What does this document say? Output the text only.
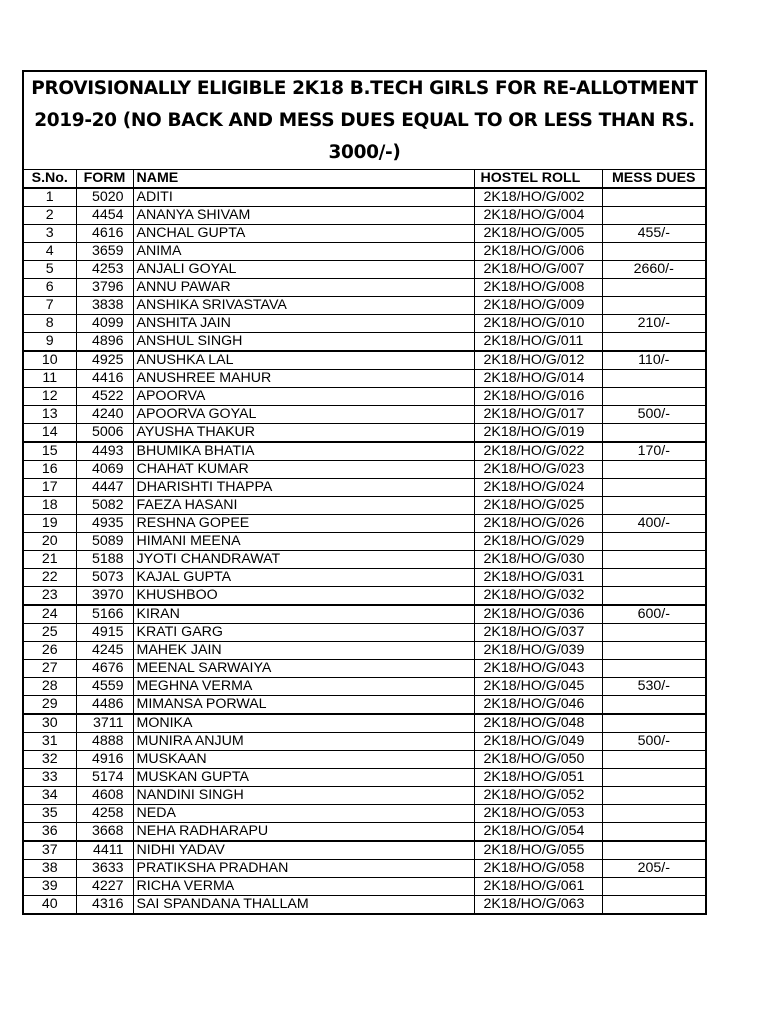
PROVISIONALLY ELIGIBLE 2K18 B.TECH GIRLS FOR RE-ALLOTMENT 2019-20 (NO BACK AND MESS DUES EQUAL TO OR LESS THAN RS. 3000/-)
S.No.	FORM	NAME	HOSTEL ROLL	MESS DUES
1	5020	ADITI	2K18/HO/G/002	
2	4454	ANANYA SHIVAM	2K18/HO/G/004	
3	4616	ANCHAL GUPTA	2K18/HO/G/005	455/-
4	3659	ANIMA	2K18/HO/G/006	
5	4253	ANJALI GOYAL	2K18/HO/G/007	2660/-
6	3796	ANNU PAWAR	2K18/HO/G/008	
7	3838	ANSHIKA SRIVASTAVA	2K18/HO/G/009	
8	4099	ANSHITA JAIN	2K18/HO/G/010	210/-
9	4896	ANSHUL SINGH	2K18/HO/G/011	
10	4925	ANUSHKA LAL	2K18/HO/G/012	110/-
11	4416	ANUSHREE MAHUR	2K18/HO/G/014	
12	4522	APOORVA	2K18/HO/G/016	
13	4240	APOORVA GOYAL	2K18/HO/G/017	500/-
14	5006	AYUSHA THAKUR	2K18/HO/G/019	
15	4493	BHUMIKA BHATIA	2K18/HO/G/022	170/-
16	4069	CHAHAT KUMAR	2K18/HO/G/023	
17	4447	DHARISHTI THAPPA	2K18/HO/G/024	
18	5082	FAEZA HASANI	2K18/HO/G/025	
19	4935	RESHNA GOPEE	2K18/HO/G/026	400/-
20	5089	HIMANI MEENA	2K18/HO/G/029	
21	5188	JYOTI CHANDRAWAT	2K18/HO/G/030	
22	5073	KAJAL GUPTA	2K18/HO/G/031	
23	3970	KHUSHBOO	2K18/HO/G/032	
24	5166	KIRAN	2K18/HO/G/036	600/-
25	4915	KRATI GARG	2K18/HO/G/037	
26	4245	MAHEK JAIN	2K18/HO/G/039	
27	4676	MEENAL SARWAIYA	2K18/HO/G/043	
28	4559	MEGHNA VERMA	2K18/HO/G/045	530/-
29	4486	MIMANSA PORWAL	2K18/HO/G/046	
30	3711	MONIKA	2K18/HO/G/048	
31	4888	MUNIRA ANJUM	2K18/HO/G/049	500/-
32	4916	MUSKAAN	2K18/HO/G/050	
33	5174	MUSKAN GUPTA	2K18/HO/G/051	
34	4608	NANDINI SINGH	2K18/HO/G/052	
35	4258	NEDA	2K18/HO/G/053	
36	3668	NEHA RADHARAPU	2K18/HO/G/054	
37	4411	NIDHI YADAV	2K18/HO/G/055	
38	3633	PRATIKSHA PRADHAN	2K18/HO/G/058	205/-
39	4227	RICHA VERMA	2K18/HO/G/061	
40	4316	SAI SPANDANA THALLAM	2K18/HO/G/063	
